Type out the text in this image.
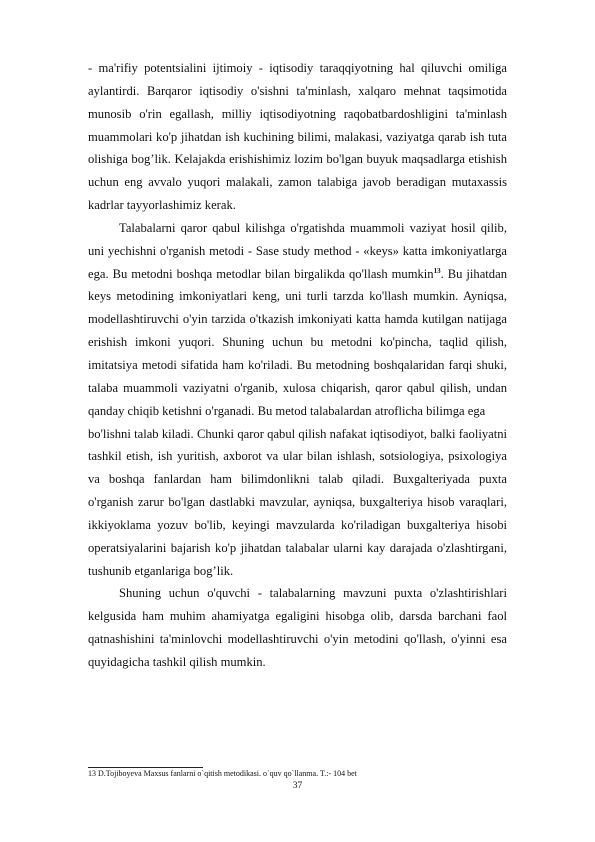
- ma'rifiy potentsialini ijtimoiy - iqtisodiy taraqqiyotning hal qiluvchi omiliga aylantirdi. Barqaror iqtisodiy o'sishni ta'minlash, xalqaro mehnat taqsimotida munosib o'rin egallash, milliy iqtisodiyotning raqobatbardoshligini ta'minlash muammolari ko'p jihatdan ish kuchining bilimi, malakasi, vaziyatga qarab ish tuta olishiga bog’lik. Kelajakda erishishimiz lozim bo'lgan buyuk maqsadlarga etishish uchun eng avvalo yuqori malakali, zamon talabiga javob beradigan mutaxassis kadrlar tayyorlashimiz kerak.

Talabalarni qaror qabul kilishga o'rgatishda muammoli vaziyat hosil qilib, uni yechishni o'rganish metodi - Sase study method - «keys» katta imkoniyatlarga ega. Bu metodni boshqa metodlar bilan birgalikda qo'llash mumkin$^{13}$. Bu jihatdan keys metodining imkoniyatlari keng, uni turli tarzda ko'llash mumkin. Ayniqsa, modellashtiruvchi o'yin tarzida o'tkazish imkoniyati katta hamda kutilgan natijaga erishish imkoni yuqori. Shuning uchun bu metodni ko'pincha, taqlid qilish, imitatsiya metodi sifatida ham ko'riladi. Bu metodning boshqalaridan farqi shuki, talaba muammoli vaziyatni o'rganib, xulosa chiqarish, qaror qabul qilish, undan qanday chiqib ketishni o'rganadi. Bu metod talabalardan atroflicha bilimga ega

bo'lishni talab kiladi. Chunki qaror qabul qilish nafakat iqtisodiyot, balki faoliyatni tashkil etish, ish yuritish, axborot va ular bilan ishlash, sotsiologiya, psixologiya va boshqa fanlardan ham bilimdonlikni talab qiladi. Buxgalteriyada puxta o'rganish zarur bo'lgan dastlabki mavzular, ayniqsa, buxgalteriya hisob varaqlari, ikkiyoklama yozuv bo'lib, keyingi mavzularda ko'riladigan buxgalteriya hisobi operatsiyalarini bajarish ko'p jihatdan talabalar ularni kay darajada o'zlashtirgani, tushunib etganlariga bog’lik.

Shuning uchun o'quvchi - talabalarning mavzuni puxta o'zlashtirishlari kelgusida ham muhim ahamiyatga egaligini hisobga olib, darsda barchani faol qatnashishini ta'minlovchi modellashtiruvchi o'yin metodini qo'llash, o'yinni esa quyidagicha tashkil qilish mumkin.

13 D.Tojiboyeva Maxsus fanlarni o`qitish metodikasi. o`quv qo`llanma. T.:- 104 bet
37
